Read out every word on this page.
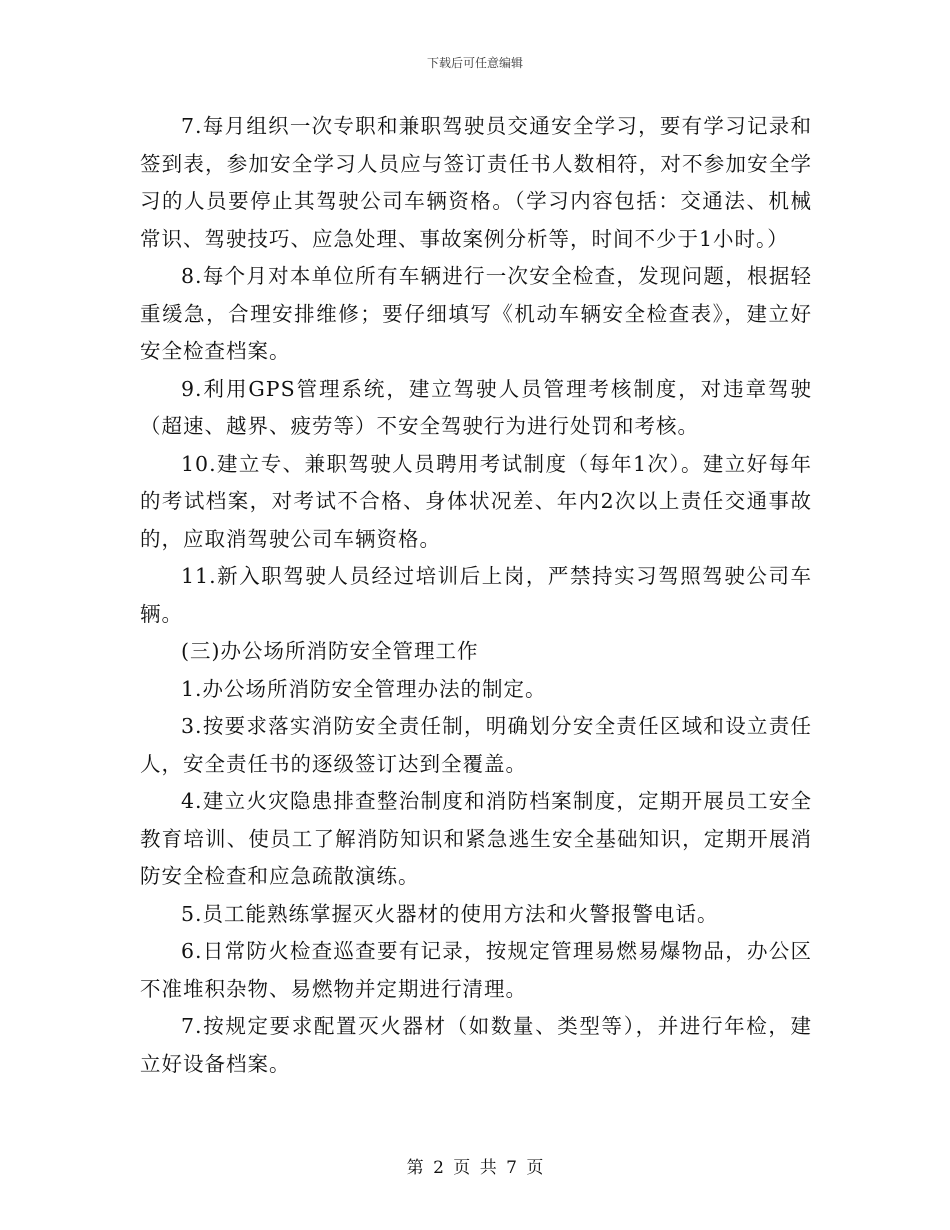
下载后可任意编辑

7.每月组织一次专职和兼职驾驶员交通安全学习，要有学习记录和签到表，参加安全学习人员应与签订责任书人数相符，对不参加安全学习的人员要停止其驾驶公司车辆资格。（学习内容包括：交通法、机械常识、驾驶技巧、应急处理、事故案例分析等，时间不少于1小时。）

8.每个月对本单位所有车辆进行一次安全检查，发现问题，根据轻重缓急，合理安排维修；要仔细填写《机动车辆安全检查表》，建立好安全检查档案。

9.利用GPS管理系统，建立驾驶人员管理考核制度，对违章驾驶（超速、越界、疲劳等）不安全驾驶行为进行处罚和考核。

10.建立专、兼职驾驶人员聘用考试制度（每年1次）。建立好每年的考试档案，对考试不合格、身体状况差、年内2次以上责任交通事故的，应取消驾驶公司车辆资格。

11.新入职驾驶人员经过培训后上岗，严禁持实习驾照驾驶公司车辆。

(三)办公场所消防安全管理工作

1.办公场所消防安全管理办法的制定。

3.按要求落实消防安全责任制，明确划分安全责任区域和设立责任人，安全责任书的逐级签订达到全覆盖。

4.建立火灾隐患排查整治制度和消防档案制度，定期开展员工安全教育培训、使员工了解消防知识和紧急逃生安全基础知识，定期开展消防安全检查和应急疏散演练。

5.员工能熟练掌握灭火器材的使用方法和火警报警电话。

6.日常防火检查巡查要有记录，按规定管理易燃易爆物品，办公区不准堆积杂物、易燃物并定期进行清理。

7.按规定要求配置灭火器材（如数量、类型等），并进行年检，建立好设备档案。

第 2 页 共 7 页
